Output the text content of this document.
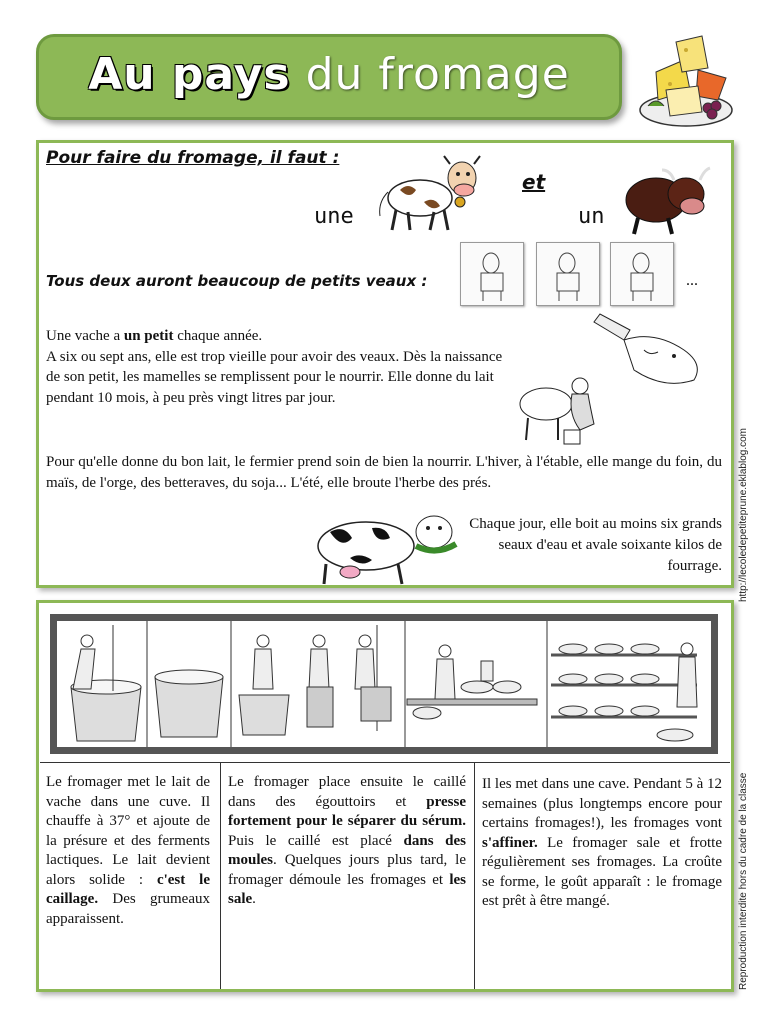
Au pays du fromage
Pour faire du fromage, il faut :
une
et
un
Tous deux auront beaucoup de petits veaux :	...
Une vache a un petit chaque année.
A six ou sept ans, elle est trop vieille pour avoir des veaux. Dès la naissance de son petit, les mamelles se remplissent pour le nourrir. Elle donne du lait pendant 10 mois, à peu près vingt litres par jour.
Pour qu'elle donne du bon lait, le fermier prend soin de bien la nourrir. L'hiver, à l'étable, elle mange du foin, du maïs, de l'orge, des betteraves, du soja... L'été, elle broute l'herbe des prés.
Chaque jour, elle boit au moins six grands seaux d'eau et avale soixante kilos de fourrage. http://lecoledepetiteprune.eklablog.com
Reproduction interdite hors du cadre de la classe
Le fromager met le lait de vache dans une cuve. Il chauffe à 37° et ajoute de la présure et des ferments lactiques. Le lait devient alors solide : c'est le caillage. Des grumeaux apparaissent.
Le fromager place ensuite le caillé dans des égouttoirs et presse fortement pour le séparer du sérum. Puis le caillé est placé dans des moules. Quelques jours plus tard, le fromager démoule les fromages et les sale.
Il les met dans une cave. Pendant 5 à 12 semaines (plus longtemps encore pour certains fromages!), les fromages vont s'affiner. Le fromager sale et frotte régulièrement ses fromages. La croûte se forme, le goût apparaît : le fromage est prêt à être mangé.
